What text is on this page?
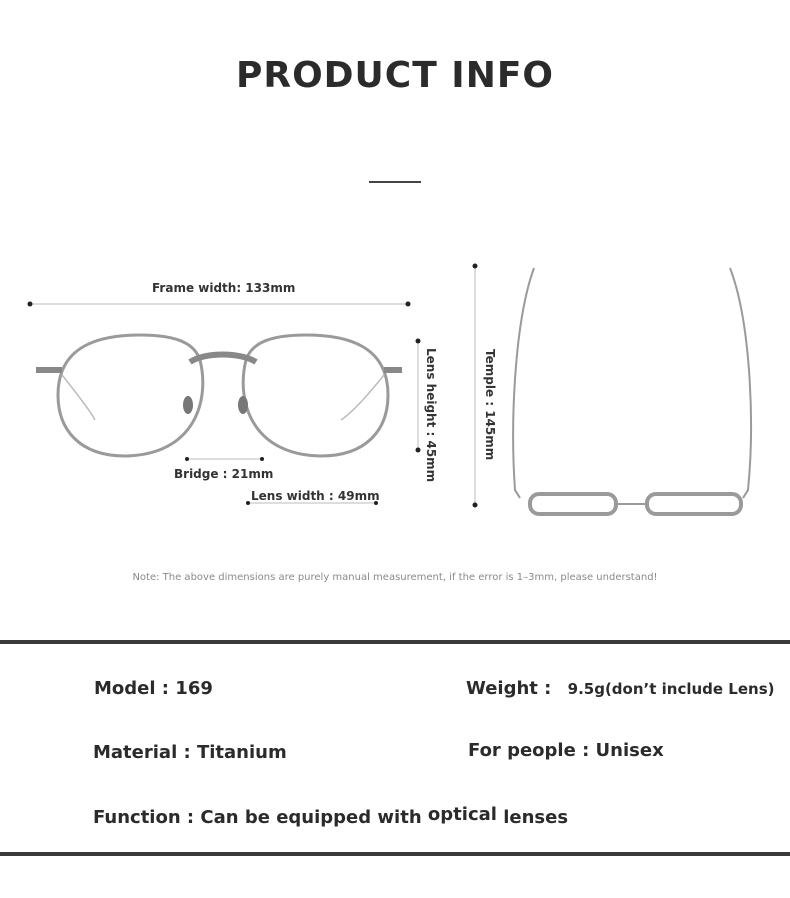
PRODUCT INFO
Frame width: 133mm
Lens height : 45mm
Bridge : 21mm
Lens width : 49mm
Temple : 145mm
Note: The above dimensions are purely manual measurement, if the error is 1–3mm, please understand!
Model : 169	Weight : 9.5g(don’t include Lens)
Material : Titanium	For people : Unisex
Function : Can be equipped with optical lenses
